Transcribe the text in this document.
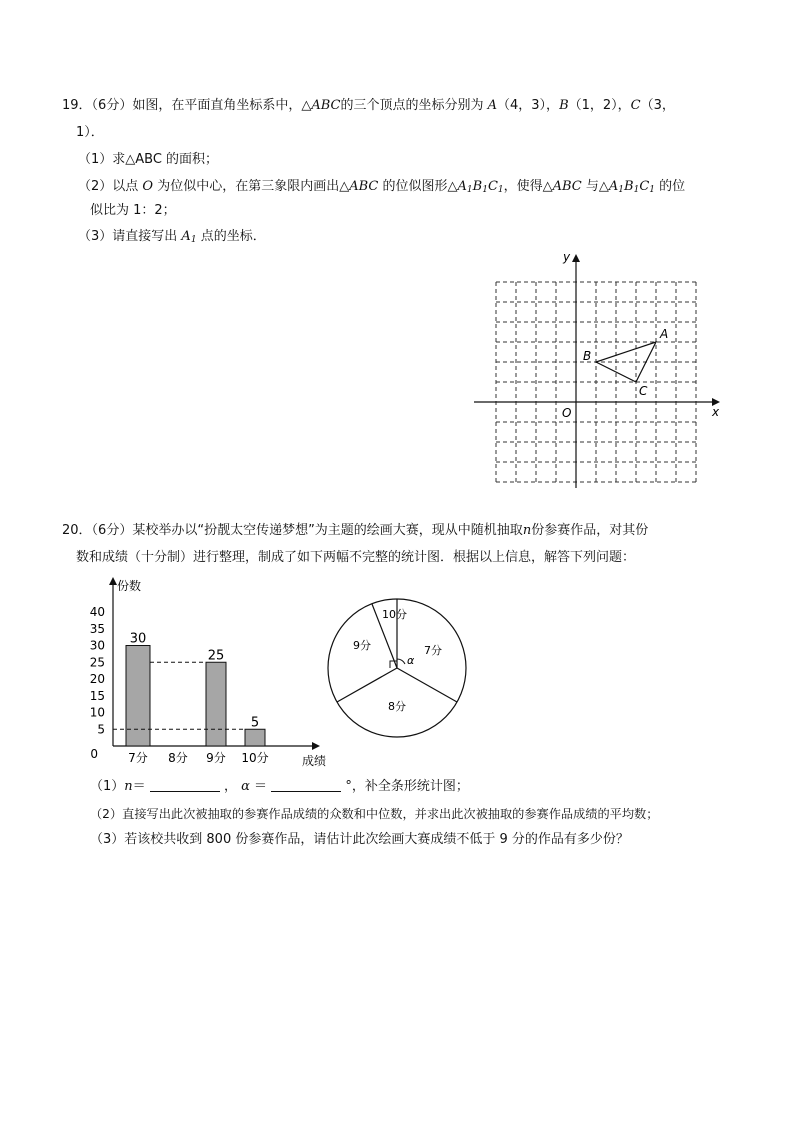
19．（6分）如图，在平面直角坐标系中，△ABC的三个顶点的坐标分别为 A（4，3），B（1，2），C（3，
1）．
（1）求△ABC 的面积；
（2）以点 O 为位似中心，在第三象限内画出△ABC 的位似图形$\triangle A_1B_1C_1$，使得△ABC 与$\triangle A_1B_1C_1$ 的位
似比为 1：2；
（3）请直接写出 $A_1$ 点的坐标．
x
y
O
A
B
C
20．（6分）某校举办以“扮靓太空传递梦想”为主题的绘画大赛，现从中随机抽取n份参赛作品，对其份
数和成绩（十分制）进行整理，制成了如下两幅不完整的统计图．根据以上信息，解答下列问题：
份数
成绩
0
5
10
15
20
25
30
35
40
7分
30
8分 9分
25
10分
5
α
10分
9分	7分
8分
（1）n＝	， α ＝	°，补全条形统计图；
（2）直接写出此次被抽取的参赛作品成绩的众数和中位数，并求出此次被抽取的参赛作品成绩的平均数；
（3）若该校共收到 800 份参赛作品，请估计此次绘画大赛成绩不低于 9 分的作品有多少份？
